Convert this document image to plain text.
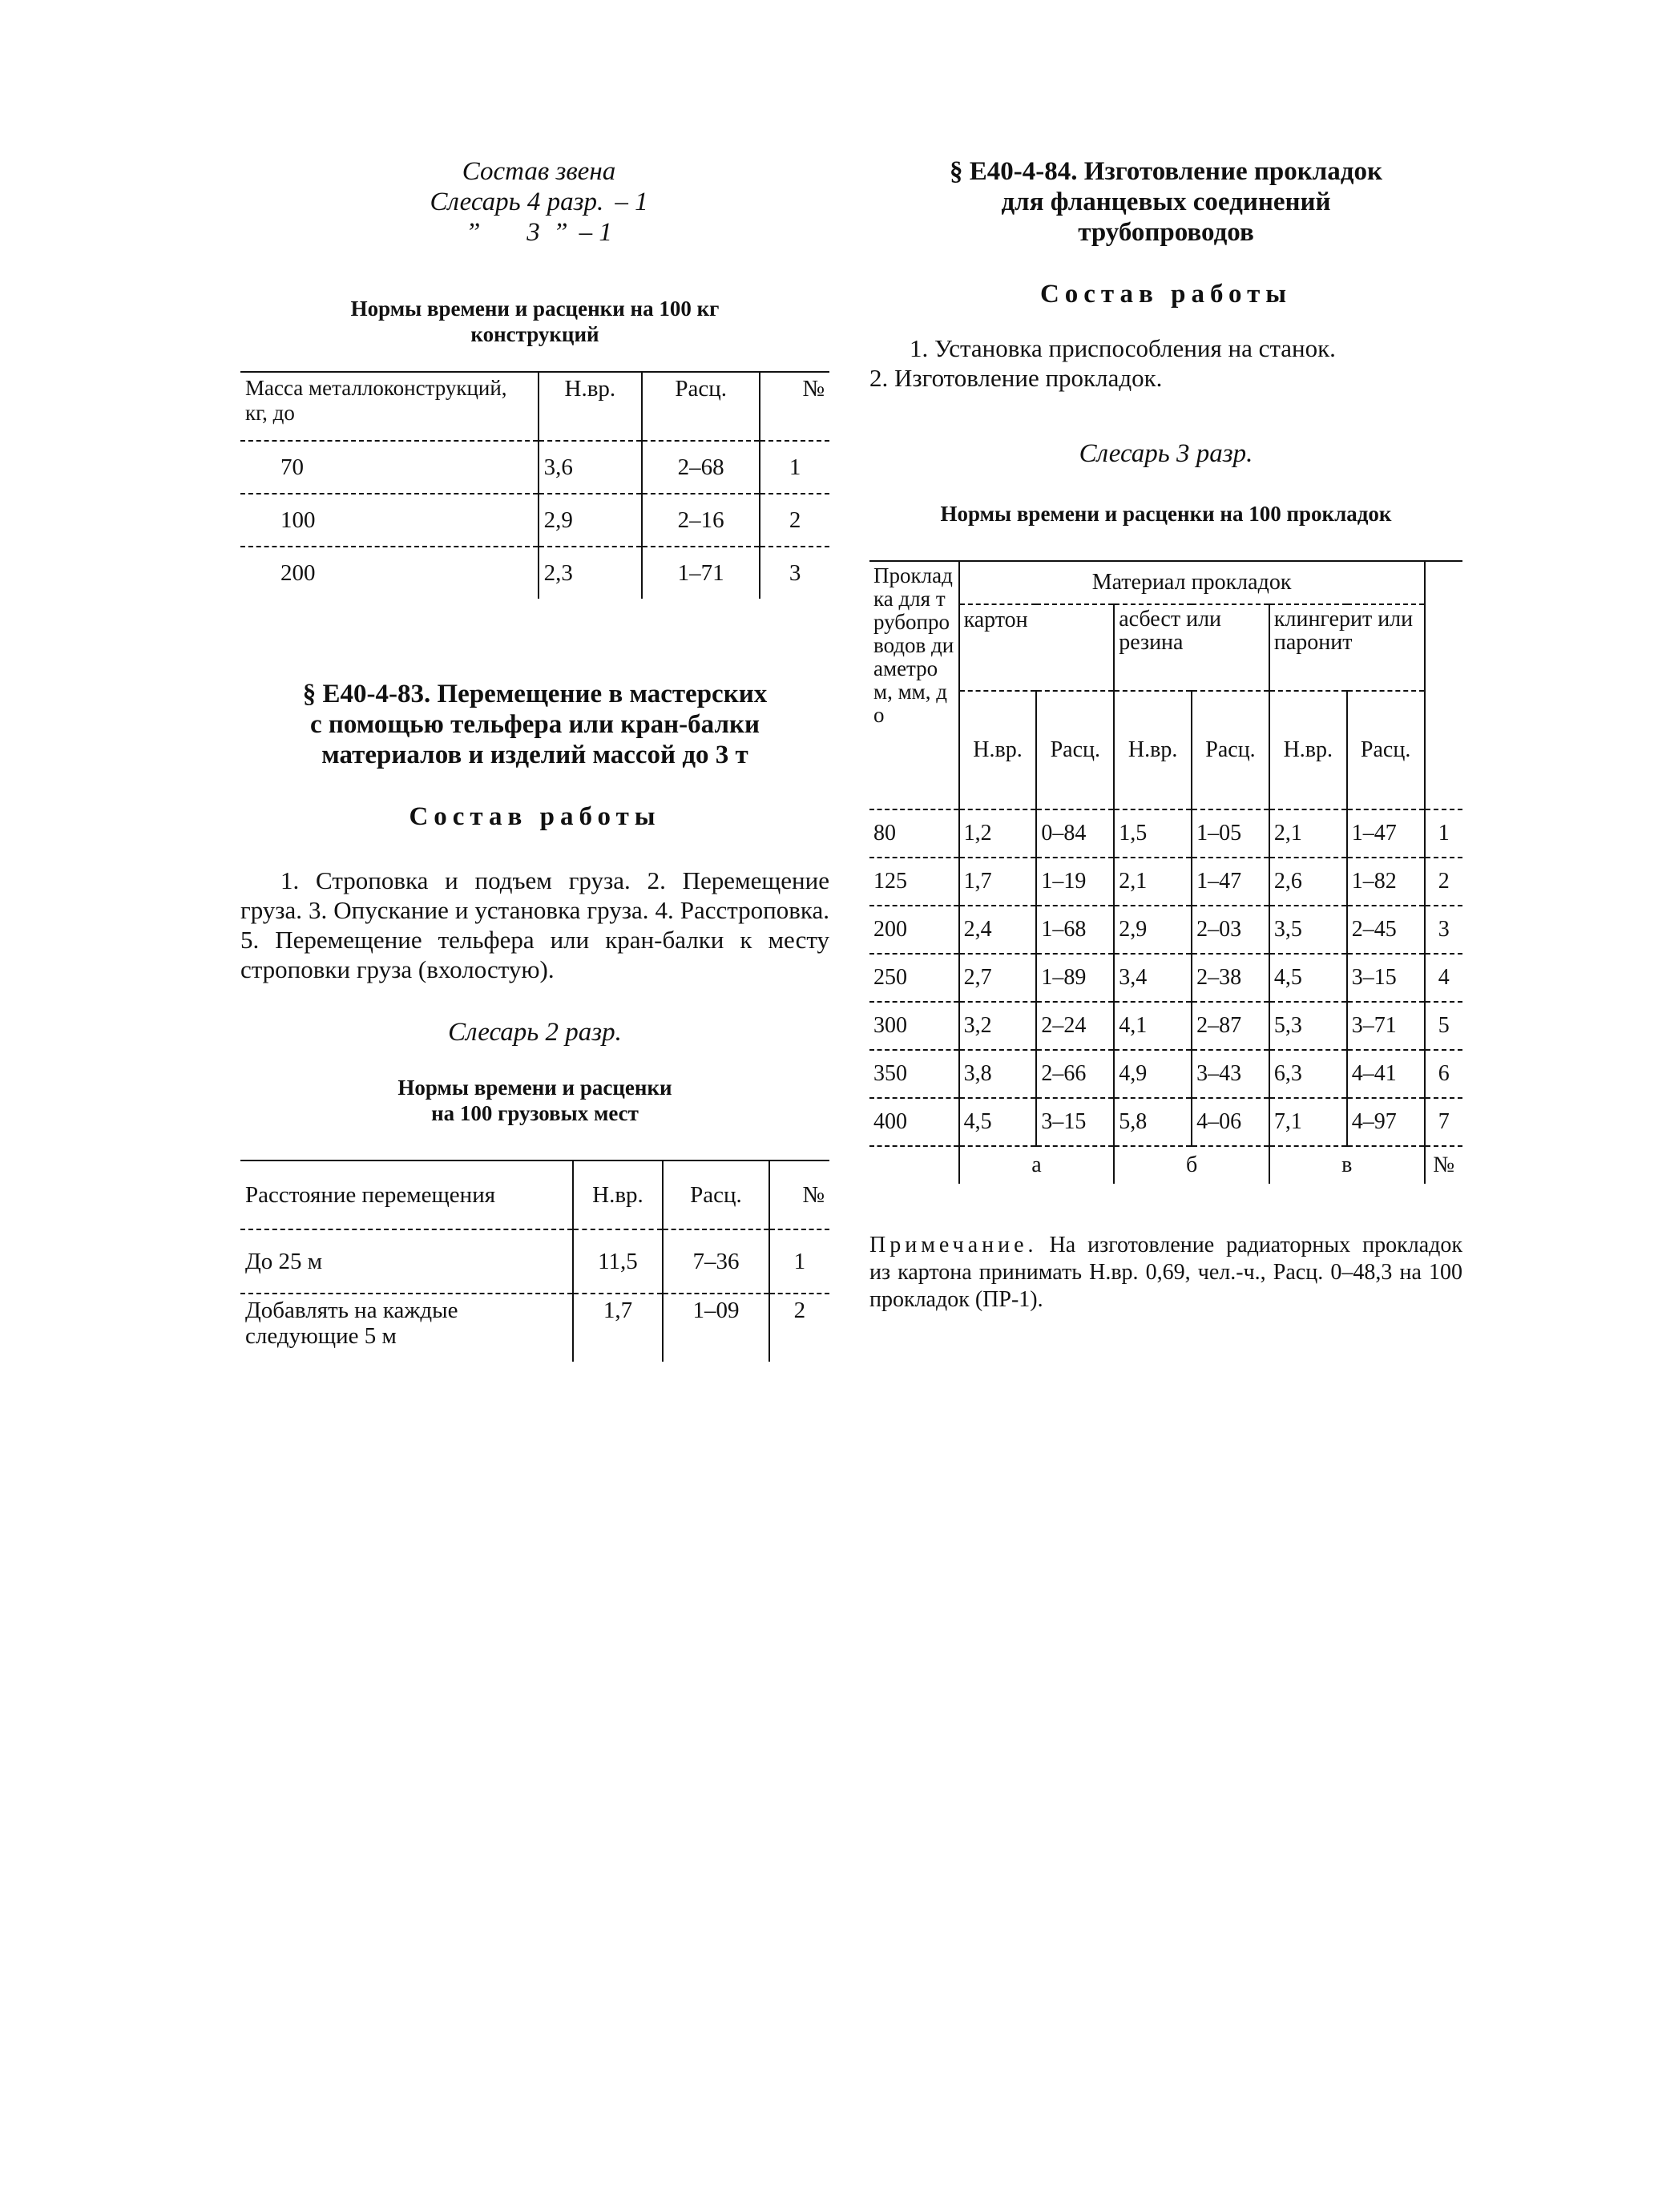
Состав звена
Слесарь 4 разр. – 1
”       3  ” – 1
Нормы времени и расценки на 100 кг
конструкций
Масса металлоконструкций, кг, до	Н.вр.	Расц.	№
70	3,6	2–68	1
100	2,9	2–16	2
200	2,3	1–71	3
§ Е40-4-83. Перемещение в мастерских
с помощью тельфера или кран-балки
материалов и изделий массой до 3 т
Состав работы

1. Строповка и подъем груза. 2. Перемещение груза. 3. Опускание и установка груза. 4. Расстроповка. 5. Перемещение тельфера или кран-балки к месту строповки груза (вхолостую).

Слесарь 2 разр.
Нормы времени и расценки
на 100 грузовых мест
Расстояние перемещения	Н.вр.	Расц.	№
До 25 м	11,5	7–36	1
Добавлять на каждые следующие 5 м	1,7	1–09	2
§ Е40-4-84. Изготовление прокладок
для фланцевых соединений
трубопроводов
Состав работы
1. Установка приспособления на станок.
2. Изготовление прокладок.
Слесарь 3 разр.
Нормы времени и расценки на 100 прокладок
Прокладка для трубопроводов диаметром, мм, до	Материал прокладок						
	картон		асбест или резина		клингерит или паронит		
	Н.вр.	Расц.	Н.вр.	Расц.	Н.вр.	Расц.	
80	1,2	0–84	1,5	1–05	2,1	1–47	1
125	1,7	1–19	2,1	1–47	2,6	1–82	2
200	2,4	1–68	2,9	2–03	3,5	2–45	3
250	2,7	1–89	3,4	2–38	4,5	3–15	4
300	3,2	2–24	4,1	2–87	5,3	3–71	5
350	3,8	2–66	4,9	3–43	6,3	4–41	6
400	4,5	3–15	5,8	4–06	7,1	4–97	7
	а		б		в		№

Примечание. На изготовление радиаторных прокладок из картона принимать Н.вр. 0,69, чел.-ч., Расц. 0–48,3 на 100 прокладок (ПР-1).
